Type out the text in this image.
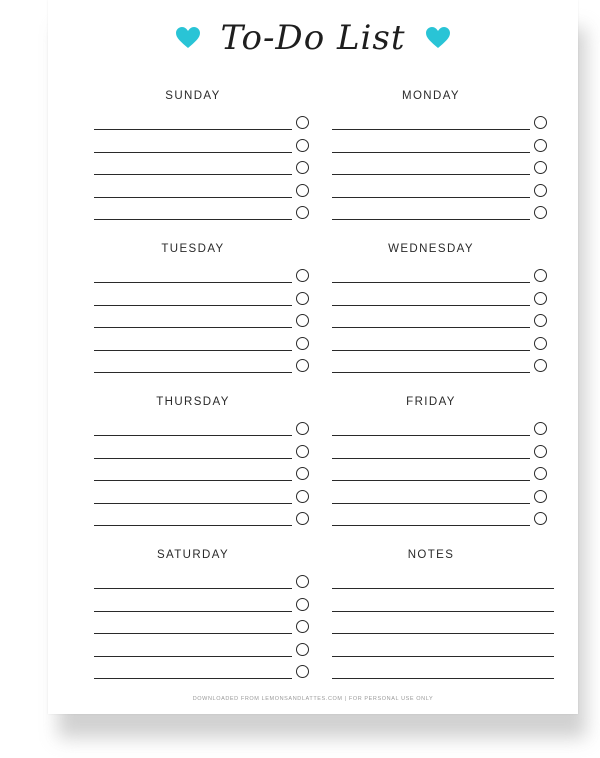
To-Do List
SUNDAY	MONDAY
TUESDAY	WEDNESDAY
THURSDAY	FRIDAY
SATURDAY	NOTES
DOWNLOADED FROM LEMONSANDLATTES.COM | FOR PERSONAL USE ONLY
